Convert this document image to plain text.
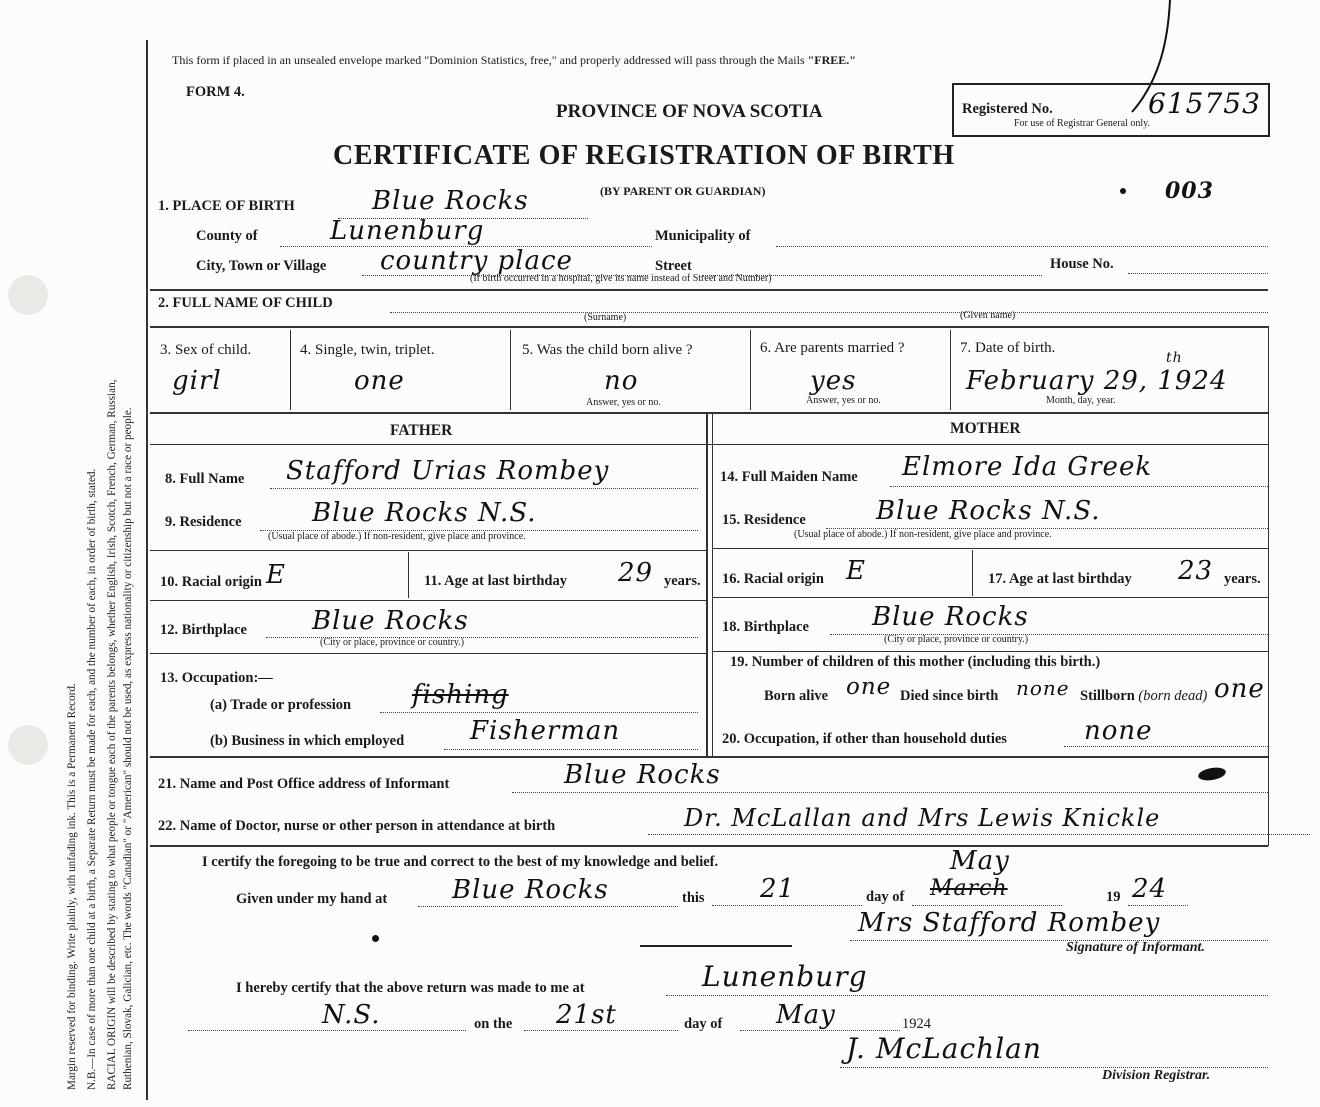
Margin reserved for binding. Write plainly, with unfading ink. This is a Permanent Record. N.B.—In case of more than one child at a birth, a Separate Return must be made for each, and the number of each, in order of birth, stated. RACIAL ORIGIN will be described by stating to what people or tongue each of the parents belongs, whether English, Irish, Scotch, French, German, Russian, Ruthenian, Slovak, Galician, etc. The words "Canadian" or "American" should not be used, as express nationality or citizenship but not a race or people.
This form if placed in an unsealed envelope marked "Dominion Statistics, free," and properly addressed will pass through the Mails "FREE."
FORM 4.
PROVINCE OF NOVA SCOTIA
CERTIFICATE OF REGISTRATION OF BIRTH
(BY PARENT OR GUARDIAN)
Registered No.	615753
For use of Registrar General only.
003
1. PLACE OF BIRTH	Blue Rocks
County of	Lunenburg	Municipality of
City, Town or Village country place	Street	House No.
(If birth occurred in a hospital, give its name instead of Street and Number)
2. FULL NAME OF CHILD
(Surname)	(Given name)
3. Sex of child.
girl
4. Single, twin, triplet.
one
5. Was the child born alive ?
no
Answer, yes or no.
6. Are parents married ?
yes
Answer, yes or no.
7. Date of birth.
February 29, 1924
th
Month, day, year.
FATHER	MOTHER
8. Full Name Stafford Urias Rombey
9. Residence	Blue Rocks N.S.
(Usual place of abode.) If non-resident, give place and province.
10. Racial origin E	11. Age at last birthday 29 years.
12. Birthplace	Blue Rocks
(City or place, province or country.)
13. Occupation:—
(a) Trade or profession fishing
(b) Business in which employed	Fisherman
14. Full Maiden Name Elmore Ida Greek
15. Residence	Blue Rocks N.S.
(Usual place of abode.) If non-resident, give place and province.
16. Racial origin E	17. Age at last birthday 23 years.
18. Birthplace Blue Rocks
(City or place, province or country.)
19. Number of children of this mother (including this birth.)
Born alive one Died since birth none Stillborn (born dead) one
20. Occupation, if other than household duties	none
21. Name and Post Office address of Informant	Blue Rocks
22. Name of Doctor, nurse or other person in attendance at birth	Dr. McLallan and Mrs Lewis Knickle
I certify the foregoing to be true and correct to the best of my knowledge and belief.
Given under my hand at Blue Rocks	this 21	day of
May
March	19 24
Mrs Stafford Rombey
Signature of Informant.
I hereby certify that the above return was made to me at	Lunenburg
N.S.	on the 21st	day of May	1924
J. McLachlan
Division Registrar.
